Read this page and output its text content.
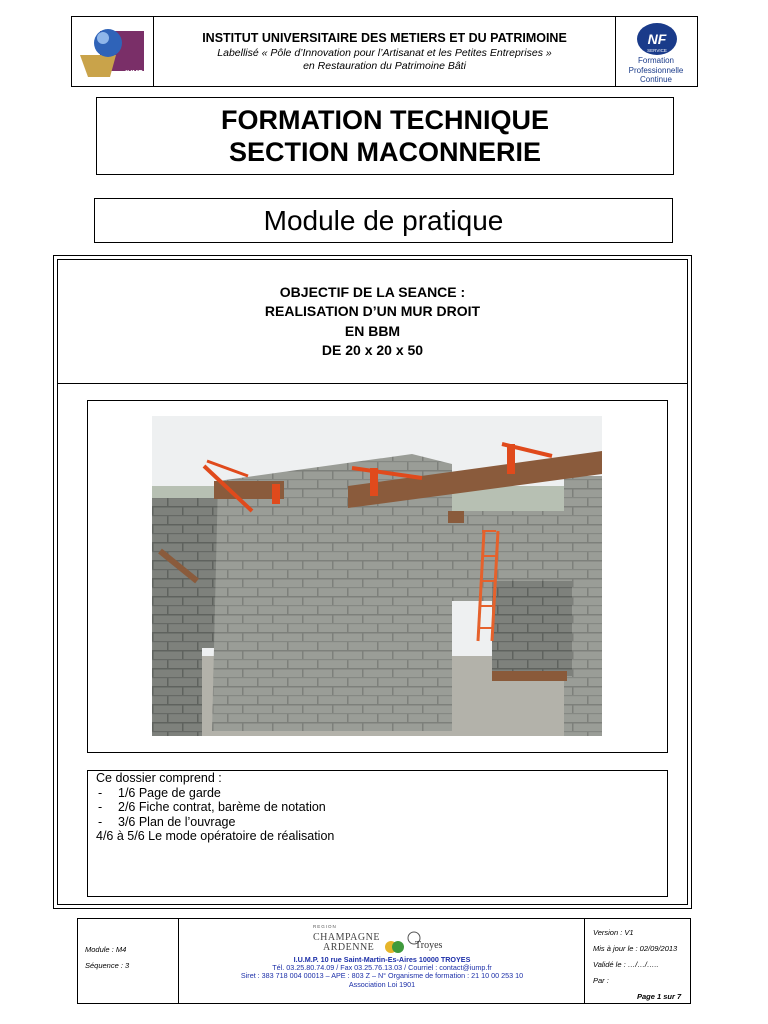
IUMP
INSTITUT UNIVERSITAIRE DES METIERS ET DU PATRIMOINE
Labellisé « Pôle d’Innovation pour l’Artisanat et les Petites Entreprises »
en Restauration du Patrimoine Bâti
NF
SERVICE
Formation
Professionnelle
Continue
FORMATION TECHNIQUE
SECTION MACONNERIE
Module de pratique
OBJECTIF DE LA SEANCE :
REALISATION D’UN MUR DROIT
EN BBM
DE 20 x 20 x 50
Ce dossier comprend :
- 1/6 Page de garde
- 2/6 Fiche contrat, barème de notation
- 3/6 Plan de l’ouvrage
4/6 à 5/6 Le mode opératoire de réalisation
Module : M4
Séquence : 3
REGION
CHAMPAGNE
ARDENNE	Troyes
I.U.M.P. 10 rue Saint-Martin-Es-Aires 10000 TROYES
Tél. 03.25.80.74.09 / Fax 03.25.76.13.03 / Courriel : contact@iump.fr
Siret : 383 718 004 00013 – APE : 803 Z – N° Organisme de formation : 21 10 00 253 10
Association Loi 1901
Version : V1
Mis à jour le : 02/09/2013
Validé le : …/…/…..
Par :
Page 1 sur 7
